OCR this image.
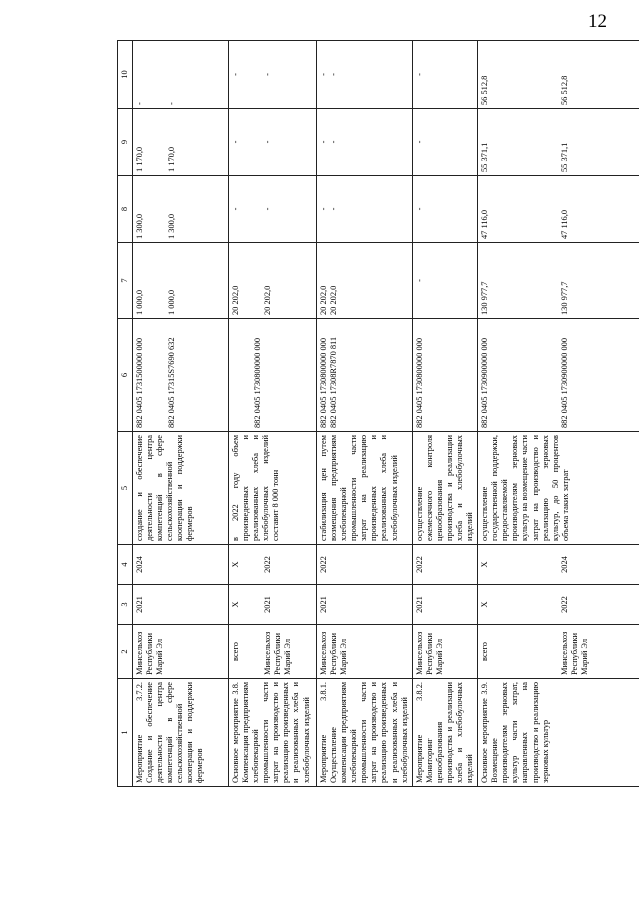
12
1	2	3	4	5	6	7	8	9	10
Мероприятие 3.7.2. Создание и обеспечение деятельности центра компетенций в сфере сельскохозяйственной кооперации и поддержки фермеров	Минсельхоз Республики Марий Эл	2021	2024	создание и обеспечение деятельности центра компетенций в сфере сельскохозяйственной кооперации и поддержки фермеров	882 0405 1731500000 000 882 0405 17315S7690 632	1 000,0 1 000,0	1 300,0 1 300,0	1 170,0 1 170,0	- -

Основное мероприятие 3.8. Компенсация предприятиям хлебопекарной промышленности части затрат на производство и реализацию произведенных и реализованных хлеба и хлебобулочных изделий	всего Минсельхоз Республики Марий Эл	X 2021	X 2022	в 2022 году объем произведенных и реализованных хлеба и хлебобулочных изделий составит 8 000 тонн	882 0405 1730800000 000	20 202,0 20 202,0	- -	- -	- -

Мероприятие 3.8.1. Осуществление компенсации предприятиям хлебопекарной промышленности части затрат на производство и реализацию произведенных и реализованных хлеба и хлебобулочных изделий	Минсельхоз Республики Марий Эл	2021	2022	стабилизация цен путем возмещения предприятиям хлебопекарной промышленности части затрат на реализацию произведенных и реализованных хлеба и хлебобулочных изделий	882 0405 1730800000 000 882 0405 17308R7870 811	20 202,0 20 202,0	- -	- -	- -

Мероприятие 3.8.2. Мониторинг ценообразования производства и реализации хлеба и хлебобулочных изделий	Минсельхоз Республики Марий Эл	2021	2022	осуществление ежемесячного контроля ценообразования производства и реализации хлеба и хлебобулочных изделий	882 0405 1730800000 000	-	-	-	-
Основное мероприятие 3.9. Возмещение производителям зерновых культур части затрат, направленных на производство и реализацию зерновых культур	всего Минсельхоз Республики Марий Эл	X 2022	X 2024	осуществление государственной поддержки, предоставляемой производителям зерновых культур на возмещение части затрат на производство и реализацию зерновых культур, до 50 процентов объема таких затрат	882 0405 1730900000 000 882 0405 1730900000 000	130 977,7 130 977,7	47 116,0 47 116,0	55 371,1 55 371,1	56 512,8 56 512,8
